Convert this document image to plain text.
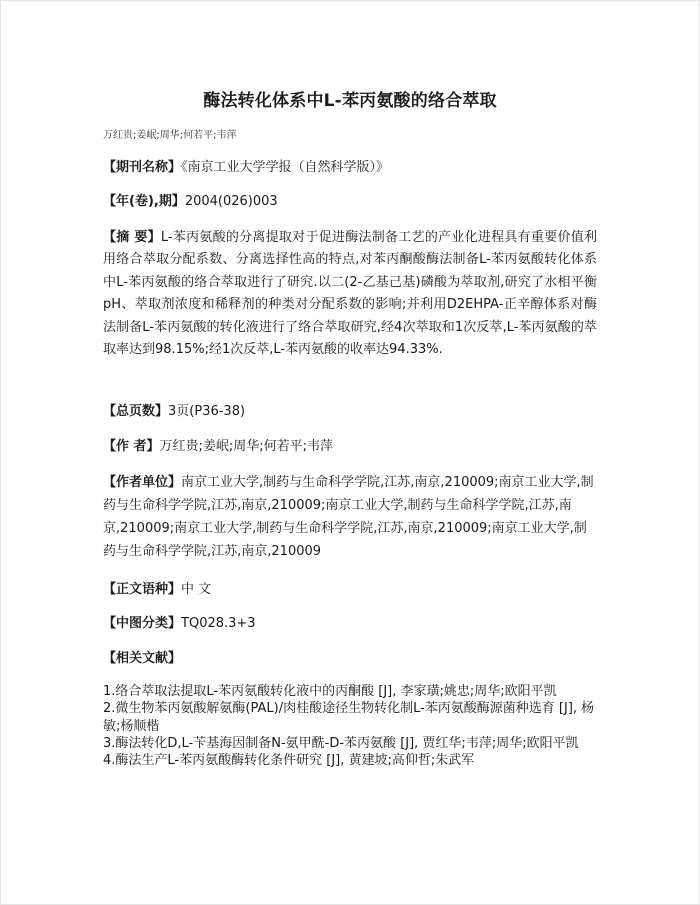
酶法转化体系中L-苯丙氨酸的络合萃取
万红贵;姜岷;周华;何若平;韦萍
【期刊名称】《南京工业大学学报（自然科学版）》
【年(卷),期】2004(026)003
【摘 要】L-苯丙氨酸的分离提取对于促进酶法制备工艺的产业化进程具有重要价值利用络合萃取分配系数、分离选择性高的特点,对苯丙酮酸酶法制备L-苯丙氨酸转化体系中L-苯丙氨酸的络合萃取进行了研究.以二(2-乙基己基)磷酸为萃取剂,研究了水相平衡pH、萃取剂浓度和稀释剂的种类对分配系数的影响;并利用D2EHPA-正辛醇体系对酶法制备L-苯丙氨酸的转化液进行了络合萃取研究,经4次萃取和1次反萃,L-苯丙氨酸的萃取率达到98.15%;经1次反萃,L-苯丙氨酸的收率达94.33%.
【总页数】3页(P36-38)
【作 者】万红贵;姜岷;周华;何若平;韦萍
【作者单位】南京工业大学,制药与生命科学学院,江苏,南京,210009;南京工业大学,制药与生命科学学院,江苏,南京,210009;南京工业大学,制药与生命科学学院,江苏,南京,210009;南京工业大学,制药与生命科学学院,江苏,南京,210009;南京工业大学,制药与生命科学学院,江苏,南京,210009
【正文语种】中 文
【中图分类】TQ028.3+3
【相关文献】
1.络合萃取法提取L-苯丙氨酸转化液中的丙酮酸 [J], 李家璜;姚忠;周华;欧阳平凯
2.微生物苯丙氨酸解氨酶(PAL)/肉桂酸途径生物转化制L-苯丙氨酸酶源菌种选育 [J], 杨敏;杨顺楷
3.酶法转化D,L-苄基海因制备N-氨甲酰-D-苯丙氨酸 [J], 贾红华;韦萍;周华;欧阳平凯
4.酶法生产L-苯丙氨酸酶转化条件研究 [J], 黄建坡;高仰哲;朱武军
